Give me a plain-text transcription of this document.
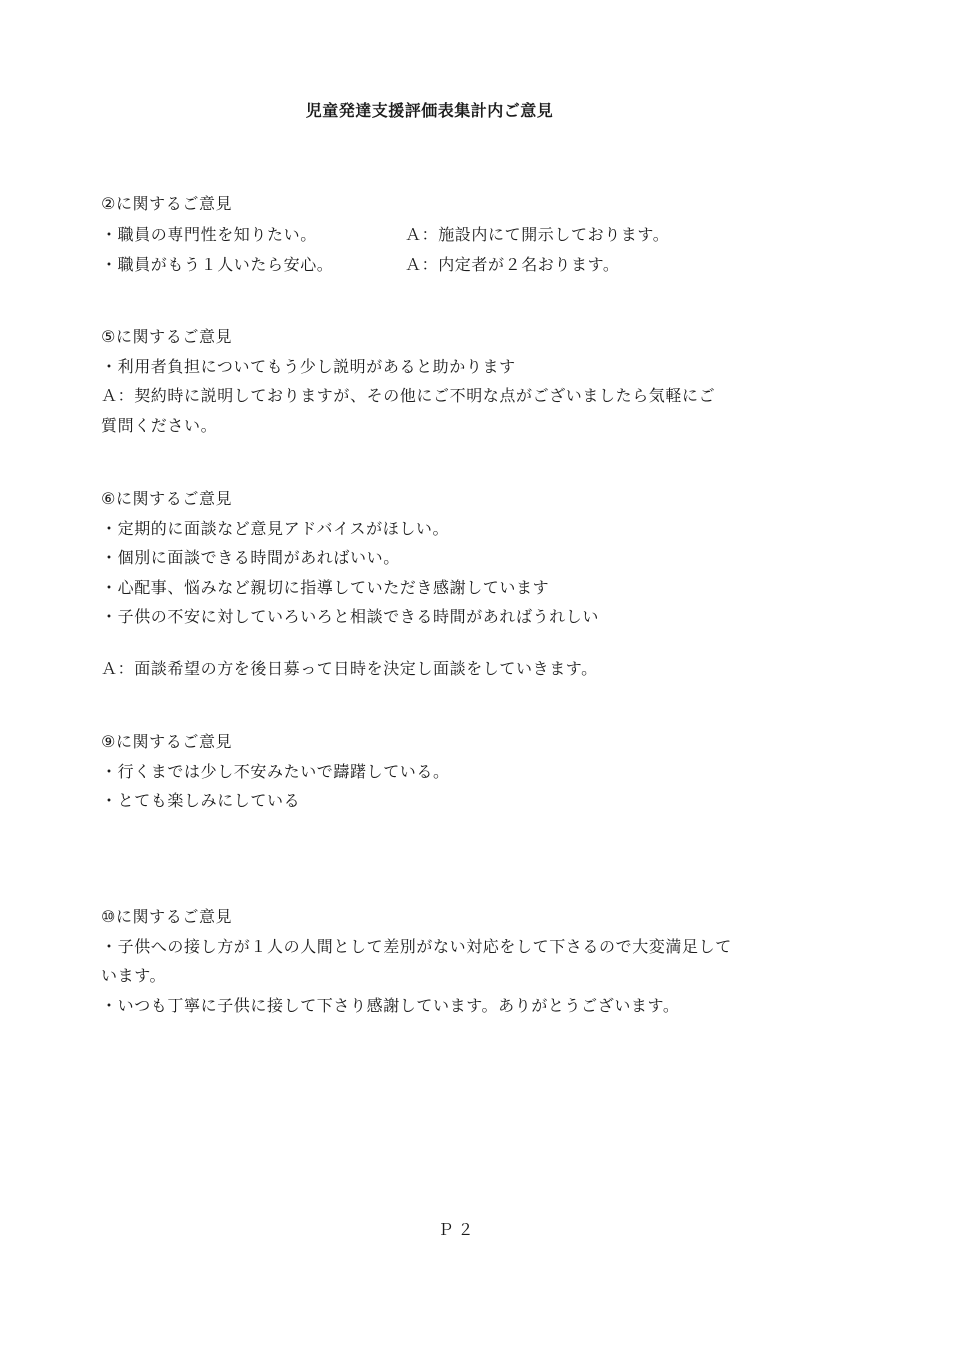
児童発達支援評価表集計内ご意見
②に関するご意見
・職員の専門性を知りたい。	Ａ：施設内にて開示しております。
・職員がもう１人いたら安心。	Ａ：内定者が２名おります。
⑤に関するご意見
・利用者負担についてもう少し説明があると助かります
Ａ：契約時に説明しておりますが、その他にご不明な点がございましたら気軽にご
質問ください。
⑥に関するご意見
・定期的に面談など意見アドバイスがほしい。
・個別に面談できる時間があればいい。
・心配事、悩みなど親切に指導していただき感謝しています
・子供の不安に対していろいろと相談できる時間があればうれしい
Ａ：面談希望の方を後日募って日時を決定し面談をしていきます。
⑨に関するご意見
・行くまでは少し不安みたいで躊躇している。
・とても楽しみにしている
⑩に関するご意見
・子供への接し方が１人の人間として差別がない対応をして下さるので大変満足して
います。
・いつも丁寧に子供に接して下さり感謝しています。ありがとうございます。
Ｐ２
